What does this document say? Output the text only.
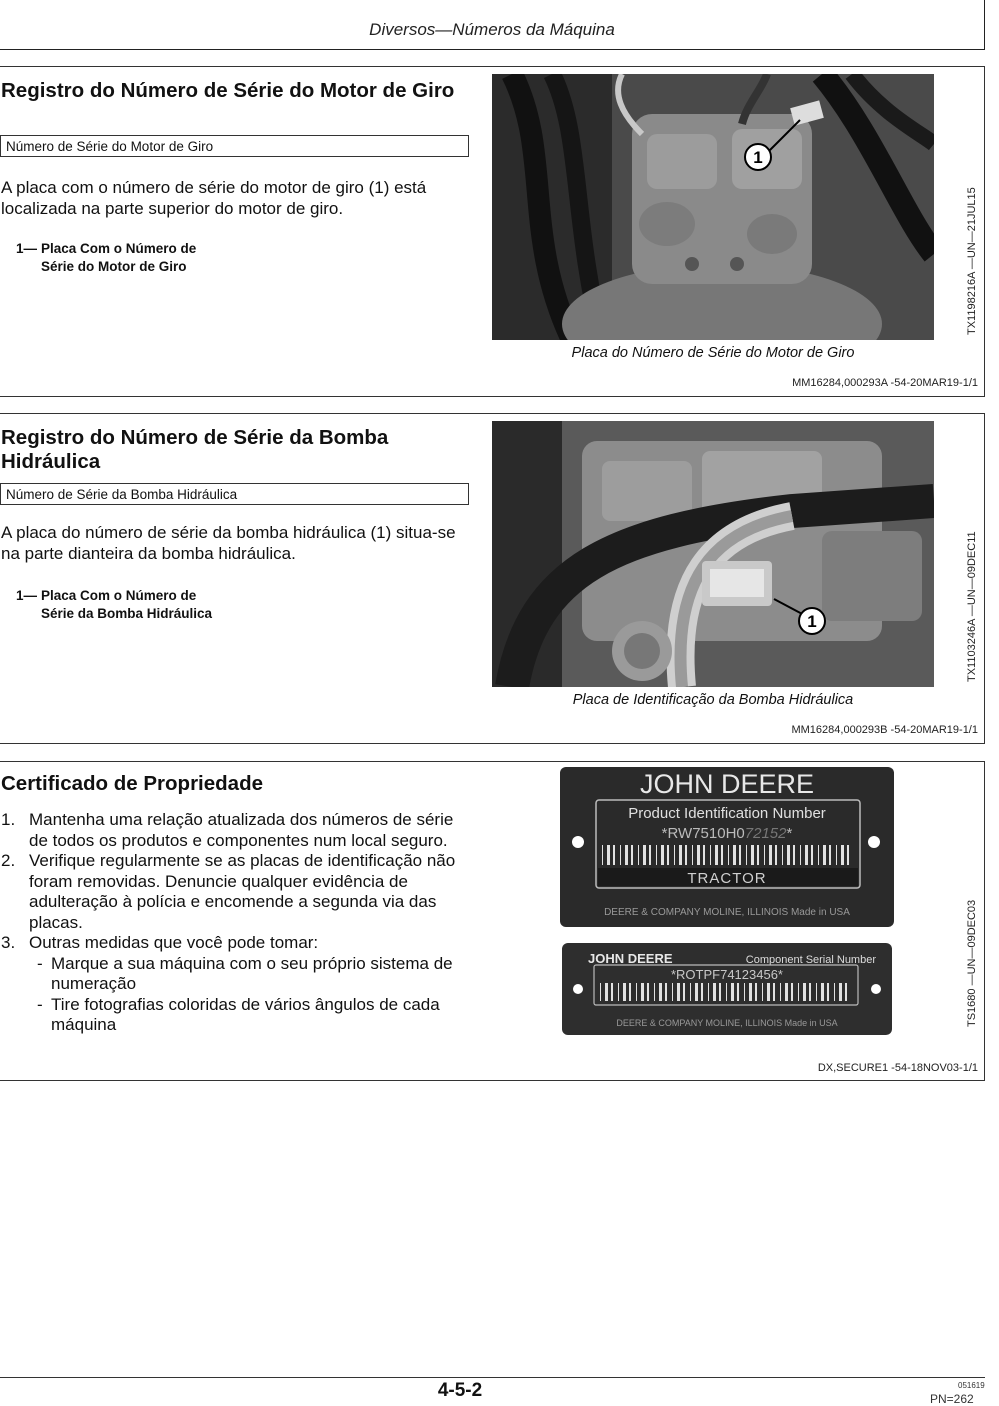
Diversos—Números da Máquina
Registro do Número de Série do Motor de Giro
Número de Série do Motor de Giro
A placa com o número de série do motor de giro (1) está localizada na parte superior do motor de giro.
1— Placa Com o Número de
Série do Motor de Giro
1
Placa do Número de Série do Motor de Giro
TX1198216A —UN—21JUL15
MM16284,000293A -54-20MAR19-1/1
Registro do Número de Série da Bomba Hidráulica
Número de Série da Bomba Hidráulica
A placa do número de série da bomba hidráulica (1) situa-se na parte dianteira da bomba hidráulica.
1— Placa Com o Número de
Série da Bomba Hidráulica	1
Placa de Identificação da Bomba Hidráulica
TX1103246A —UN—09DEC11
MM16284,000293B -54-20MAR19-1/1
Certificado de Propriedade
1. Mantenha uma relação atualizada dos números de série de todos os produtos e componentes num local seguro.
2. Verifique regularmente se as placas de identificação não foram removidas. Denuncie qualquer evidência de adulteração à polícia e encomende a segunda via das placas.
3. Outras medidas que você pode tomar:
- Marque a sua máquina com o seu próprio sistema de numeração
- Tire fotografias coloridas de vários ângulos de cada máquina
JOHN DEERE
Product Identification Number
*RW7510H072152*
TRACTOR
DEERE & COMPANY MOLINE, ILLINOIS Made in USA
JOHN DEERE	Component Serial Number
*ROTPF74123456*
DEERE & COMPANY MOLINE, ILLINOIS Made in USA	TS1680 —UN—09DEC03
DX,SECURE1 -54-18NOV03-1/1
4-5-2	051619
PN=262
